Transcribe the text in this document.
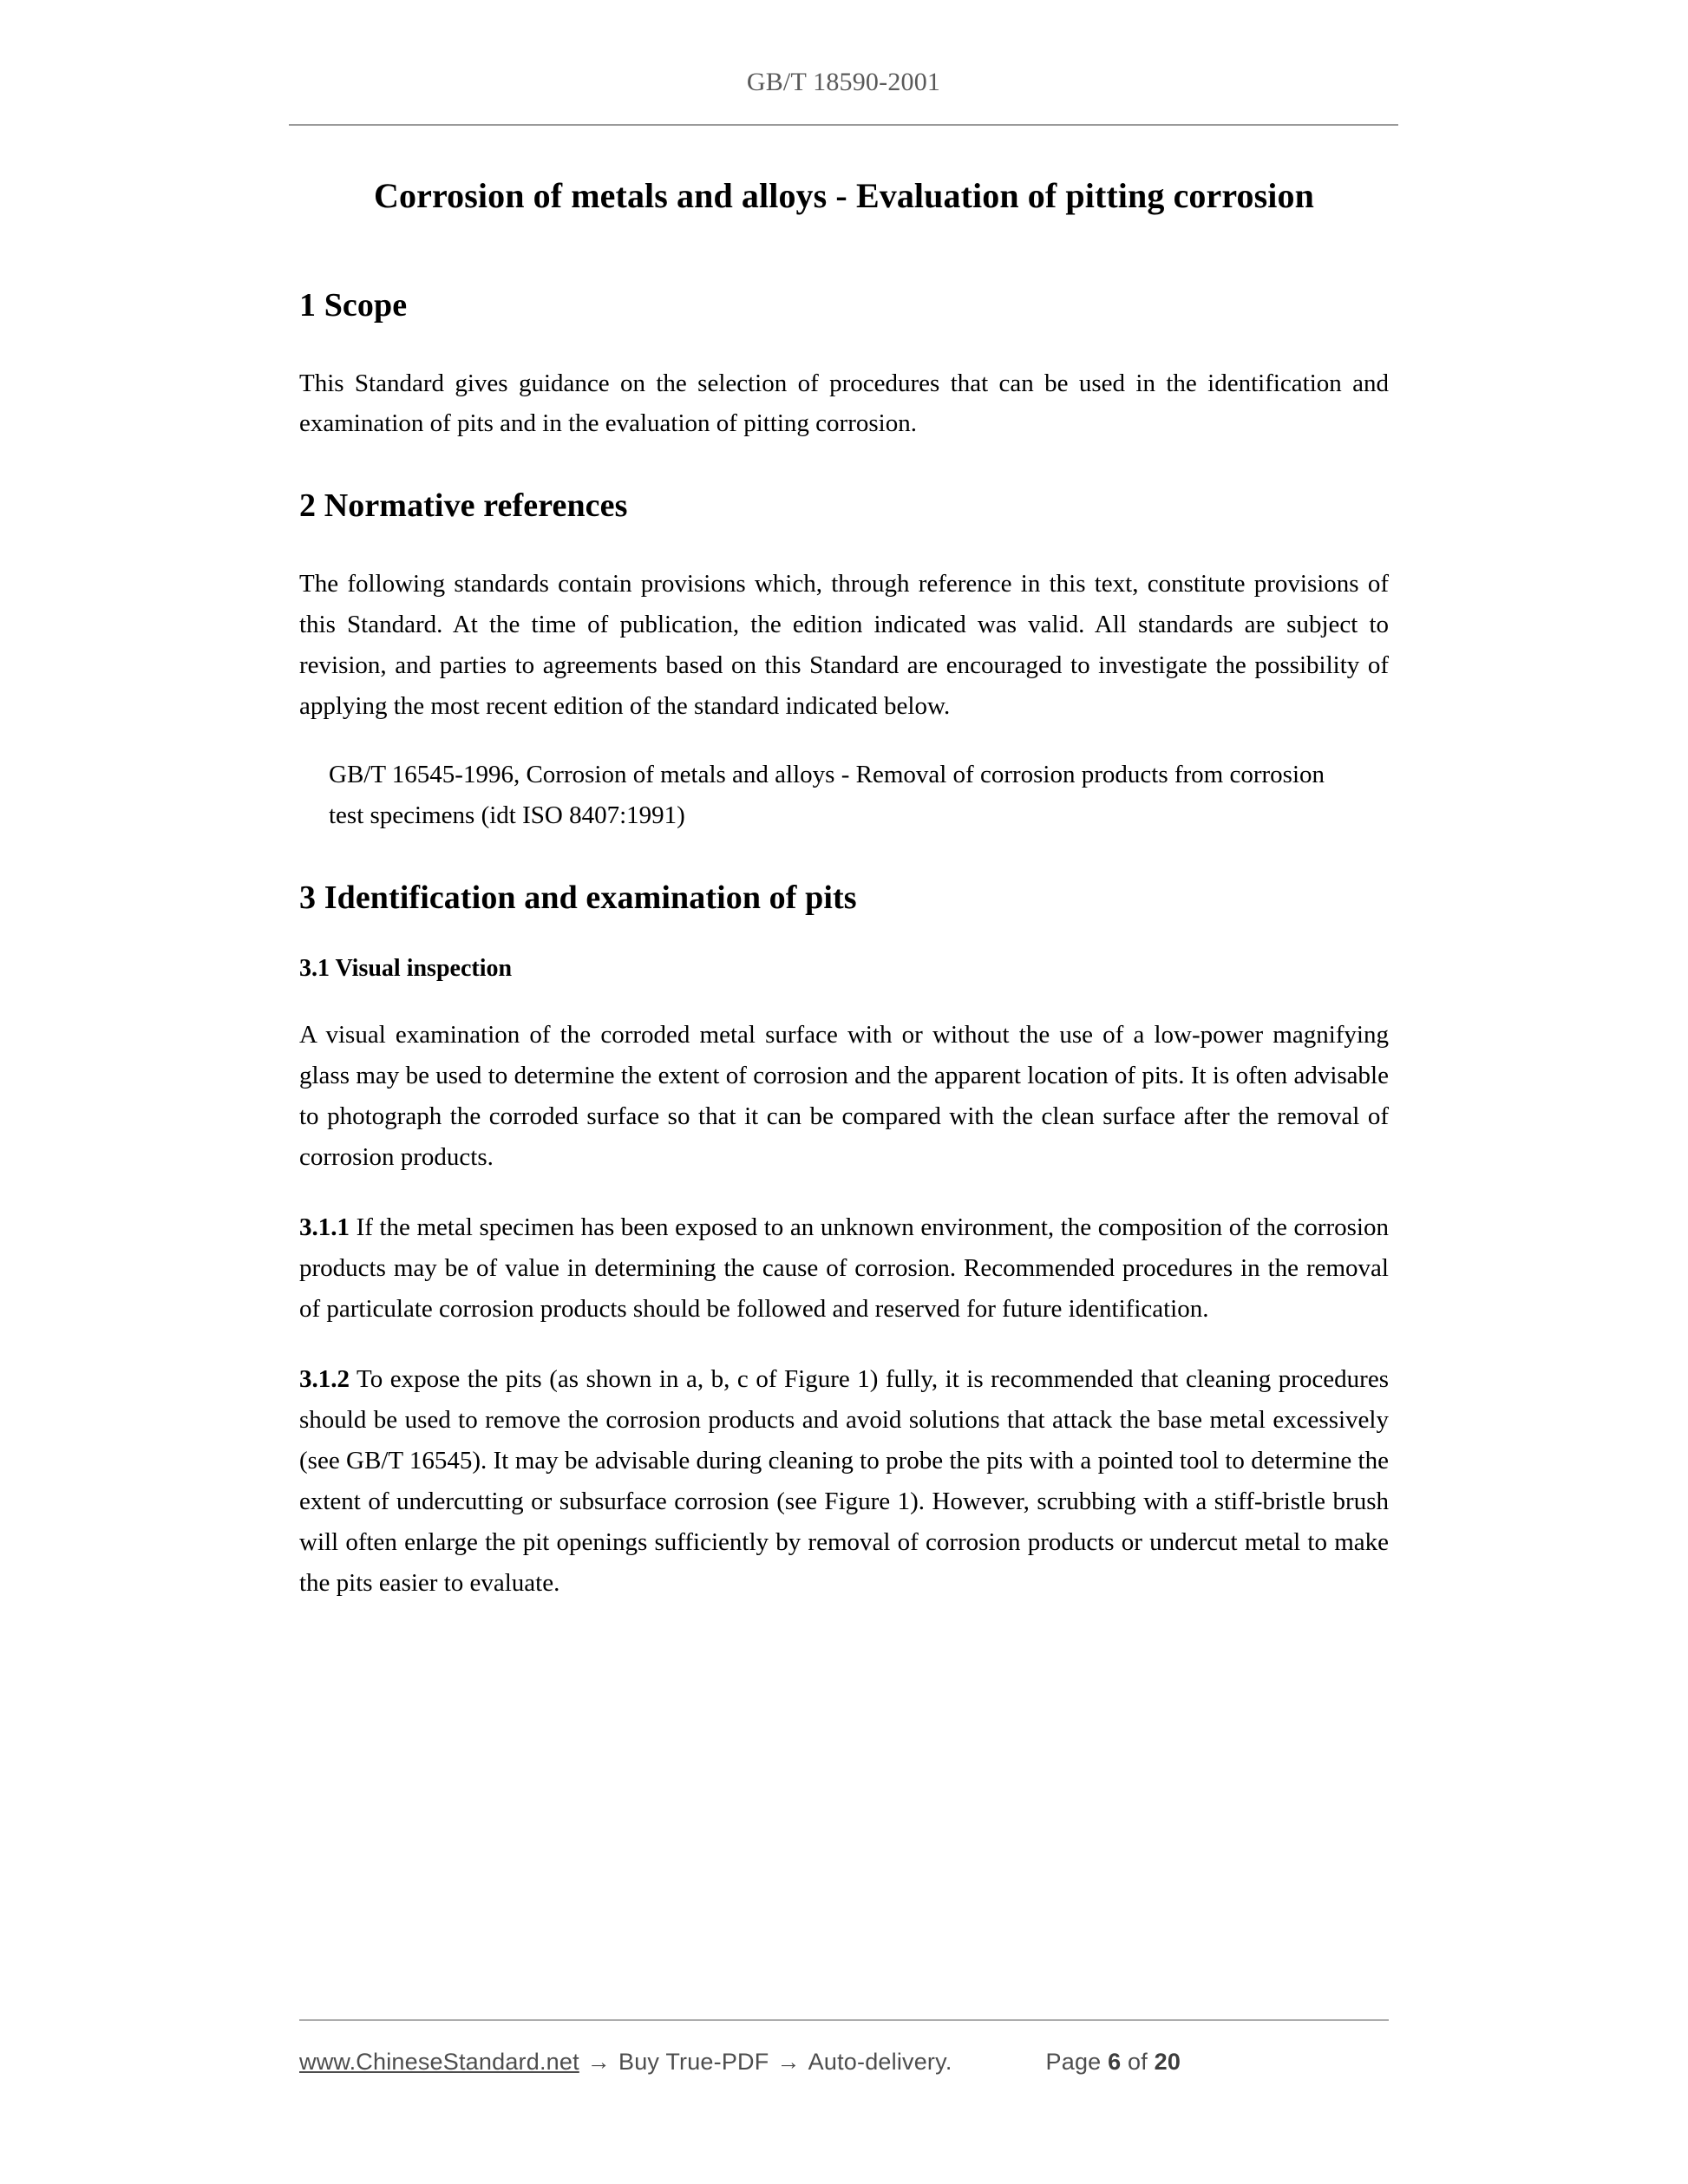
GB/T 18590-2001
Corrosion of metals and alloys - Evaluation of pitting corrosion
1 Scope

This Standard gives guidance on the selection of procedures that can be used in the identification and examination of pits and in the evaluation of pitting corrosion.

2 Normative references

The following standards contain provisions which, through reference in this text, constitute provisions of this Standard. At the time of publication, the edition indicated was valid. All standards are subject to revision, and parties to agreements based on this Standard are encouraged to investigate the possibility of applying the most recent edition of the standard indicated below.

GB/T 16545-1996, Corrosion of metals and alloys - Removal of corrosion products from corrosion test specimens (idt ISO 8407:1991)

3 Identification and examination of pits
3.1 Visual inspection

A visual examination of the corroded metal surface with or without the use of a low-power magnifying glass may be used to determine the extent of corrosion and the apparent location of pits. It is often advisable to photograph the corroded surface so that it can be compared with the clean surface after the removal of corrosion products.

3.1.1 If the metal specimen has been exposed to an unknown environment, the composition of the corrosion products may be of value in determining the cause of corrosion. Recommended procedures in the removal of particulate corrosion products should be followed and reserved for future identification.

3.1.2 To expose the pits (as shown in a, b, c of Figure 1) fully, it is recommended that cleaning procedures should be used to remove the corrosion products and avoid solutions that attack the base metal excessively (see GB/T 16545). It may be advisable during cleaning to probe the pits with a pointed tool to determine the extent of undercutting or subsurface corrosion (see Figure 1). However, scrubbing with a stiff-bristle brush will often enlarge the pit openings sufficiently by removal of corrosion products or undercut metal to make the pits easier to evaluate.

www.ChineseStandard.net → Buy True-PDF → Auto-delivery.	Page 6 of 20
